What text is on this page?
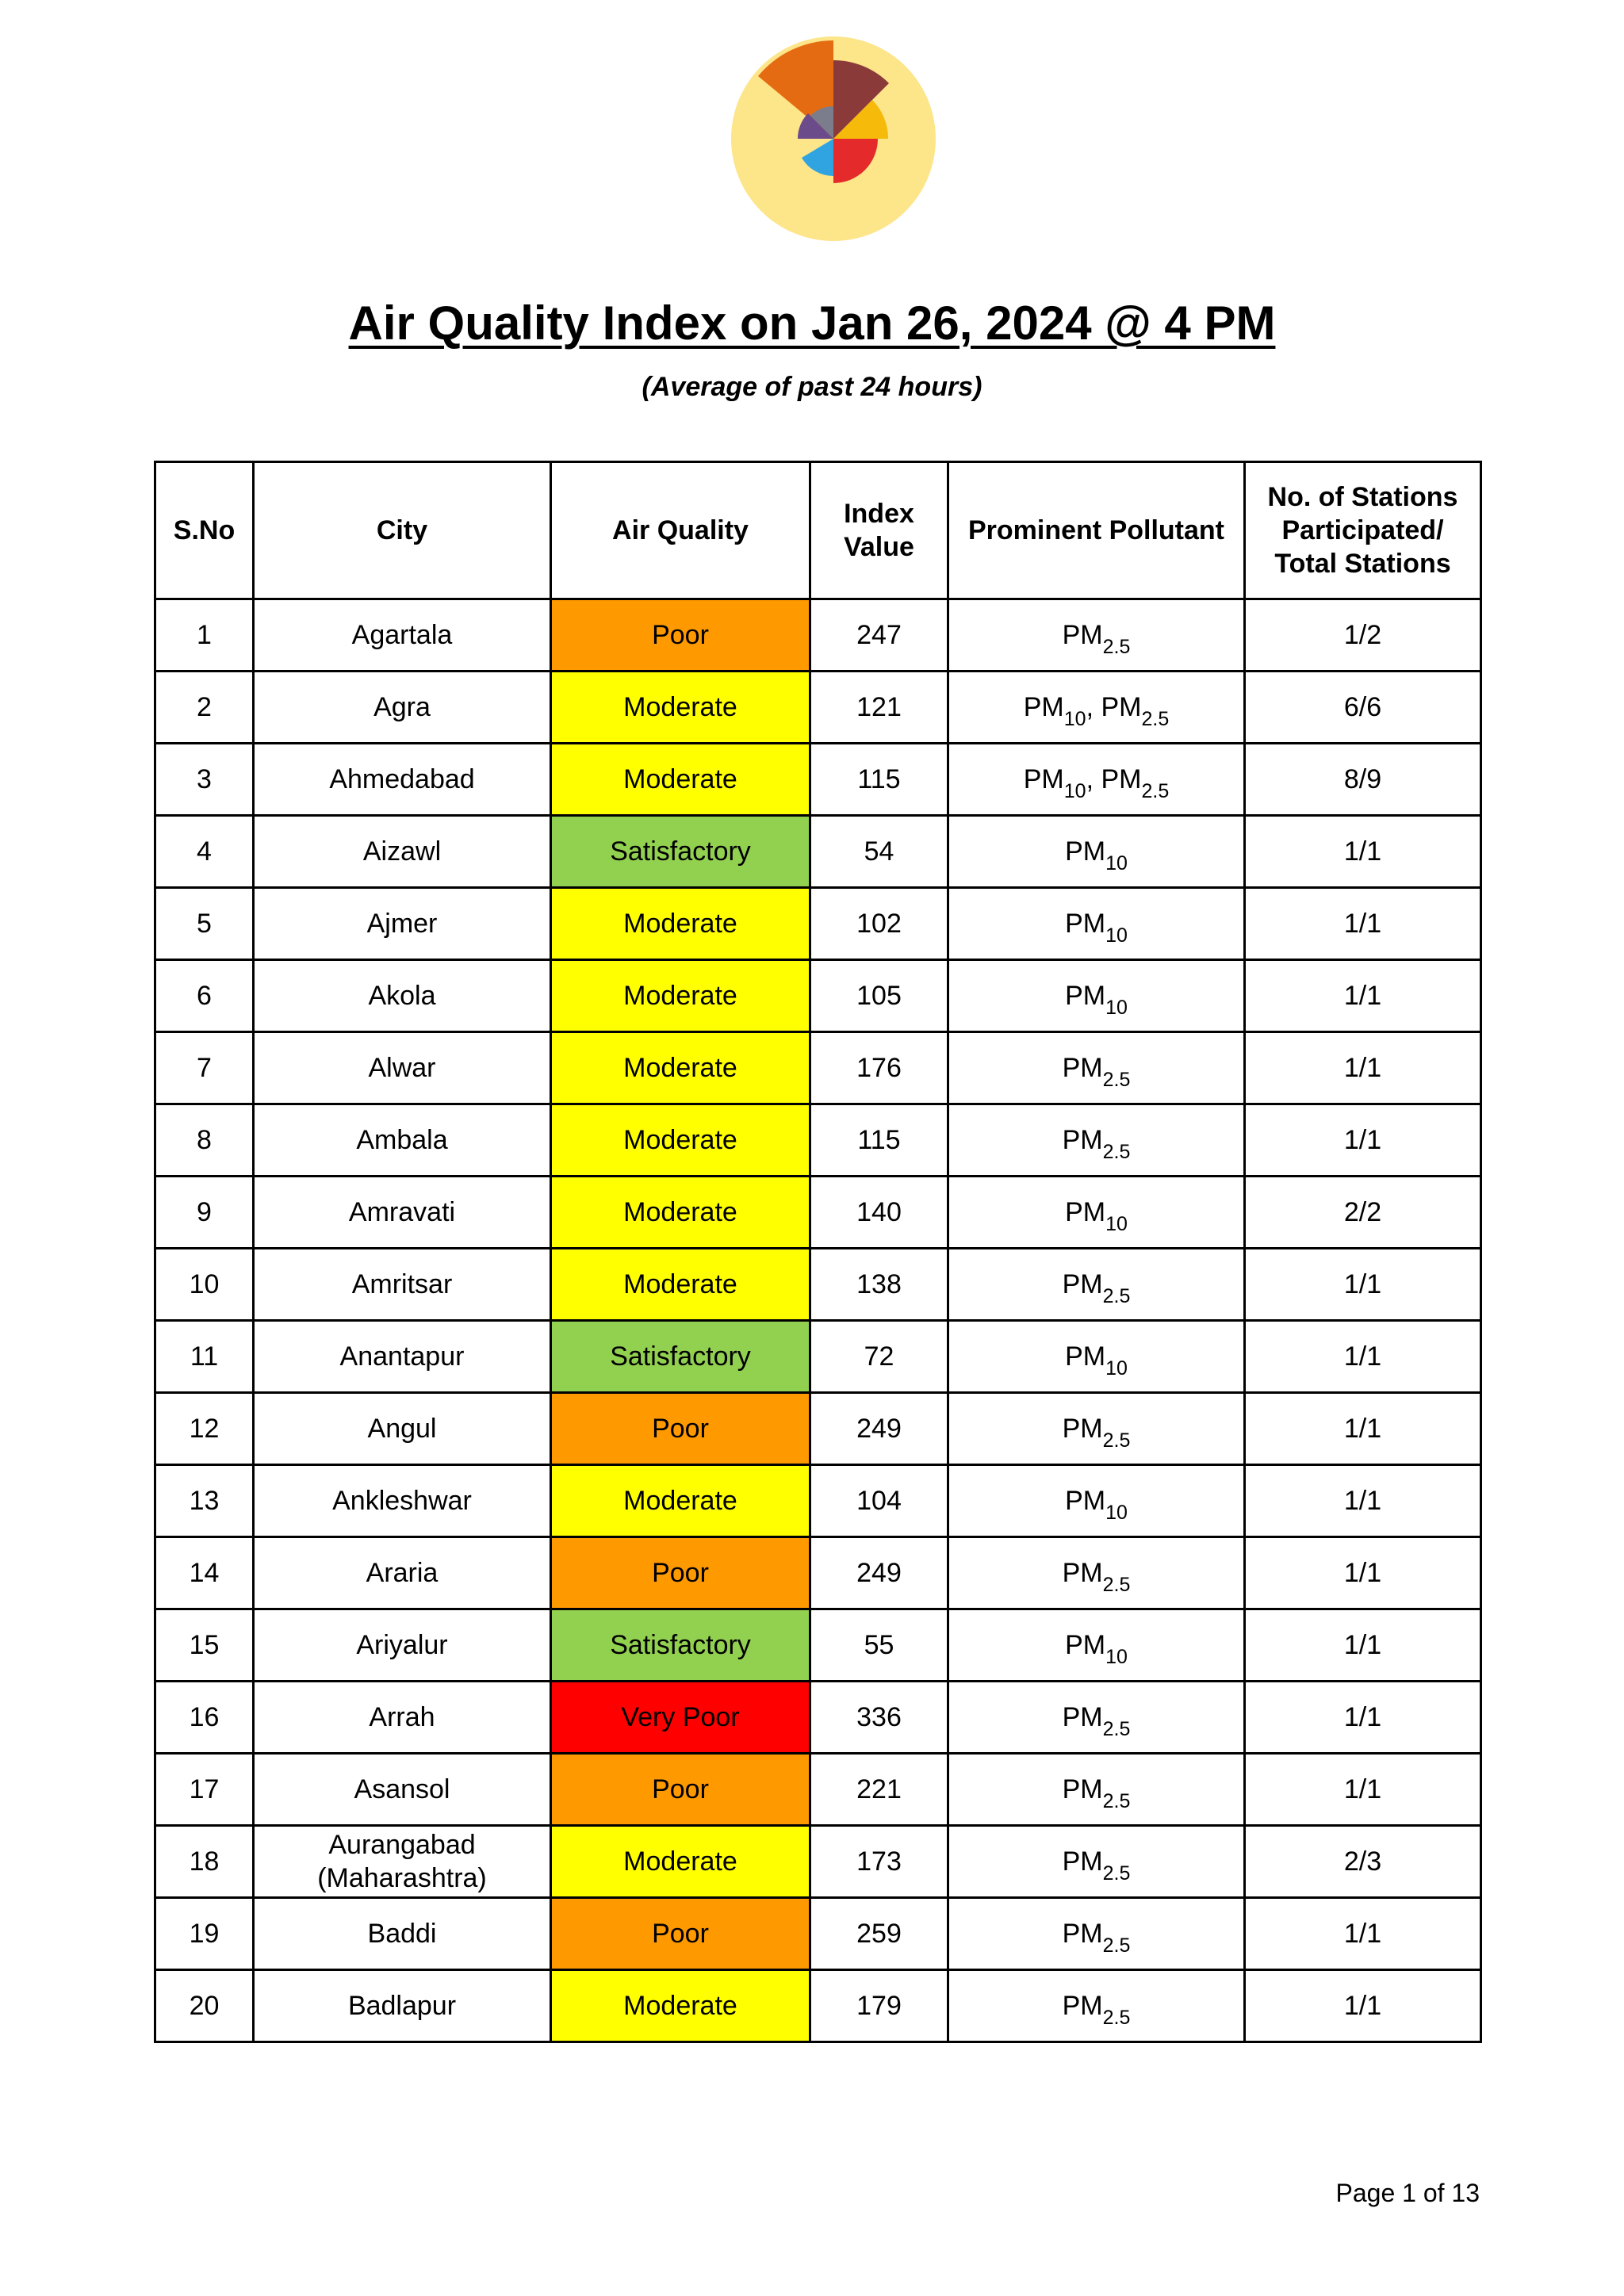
Air Quality Index on Jan 26, 2024 @ 4 PM
(Average of past 24 hours)
S.No	City	Air Quality	Index Value	Prominent Pollutant	No. of Stations Participated/ Total Stations
1	Agartala	Poor	247	$PM_{2.5}$	1/2
2	Agra	Moderate	121	$PM_{10}$, $PM_{2.5}$	6/6
3	Ahmedabad	Moderate	115	$PM_{10}$, $PM_{2.5}$	8/9
4	Aizawl	Satisfactory	54	$PM_{10}$	1/1
5	Ajmer	Moderate	102	$PM_{10}$	1/1
6	Akola	Moderate	105	$PM_{10}$	1/1
7	Alwar	Moderate	176	$PM_{2.5}$	1/1
8	Ambala	Moderate	115	$PM_{2.5}$	1/1
9	Amravati	Moderate	140	$PM_{10}$	2/2
10	Amritsar	Moderate	138	$PM_{2.5}$	1/1
11	Anantapur	Satisfactory	72	$PM_{10}$	1/1
12	Angul	Poor	249	$PM_{2.5}$	1/1
13	Ankleshwar	Moderate	104	$PM_{10}$	1/1
14	Araria	Poor	249	$PM_{2.5}$	1/1
15	Ariyalur	Satisfactory	55	$PM_{10}$	1/1
16	Arrah	Very Poor	336	$PM_{2.5}$	1/1
17	Asansol	Poor	221	$PM_{2.5}$	1/1
18	Aurangabad (Maharashtra)	Moderate	173	$PM_{2.5}$	2/3
19	Baddi	Poor	259	$PM_{2.5}$	1/1
20	Badlapur	Moderate	179	$PM_{2.5}$	1/1
Page 1 of 13
